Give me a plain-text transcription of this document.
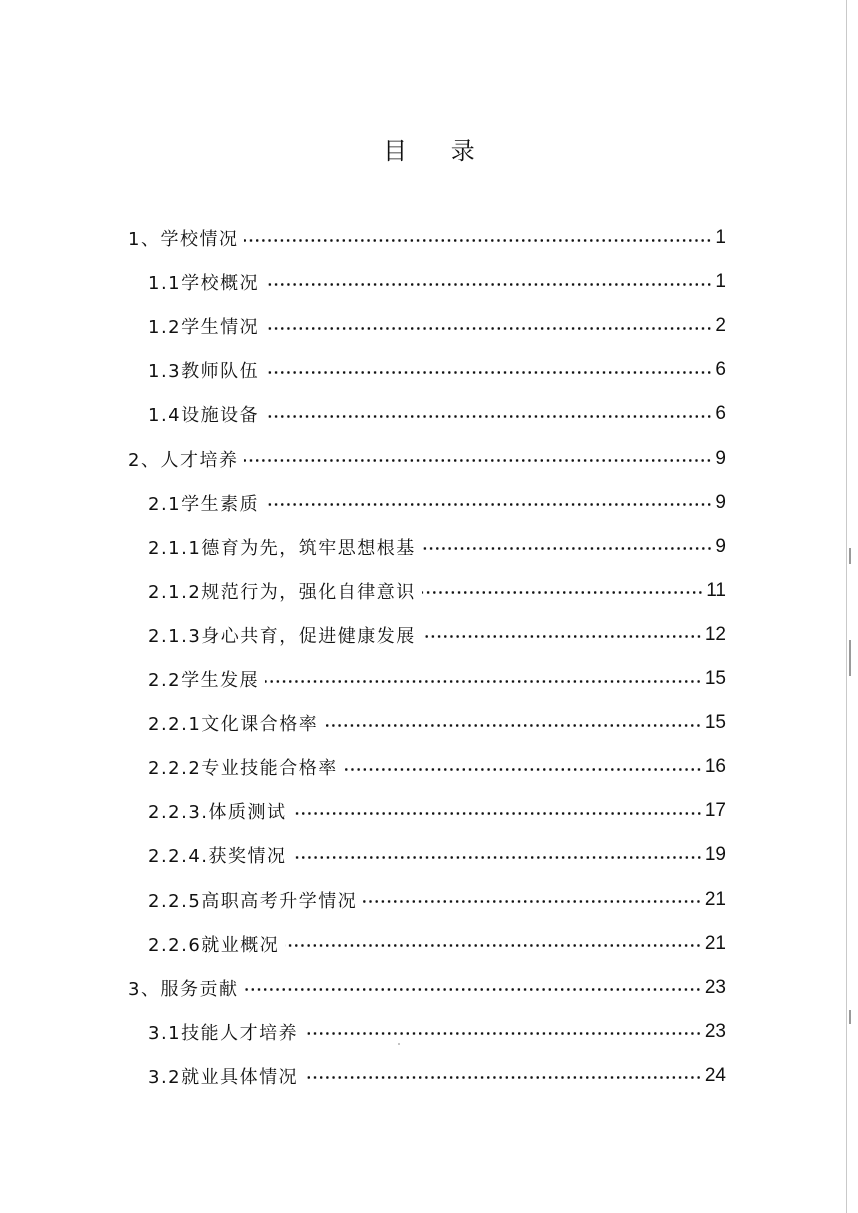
目 录
1、学校情况	1
1.1学校概况	1
1.2学生情况	2
1.3教师队伍	6
1.4设施设备	6
2、人才培养	9
2.1学生素质	9
2.1.1德育为先，筑牢思想根基	9
2.1.2规范行为，强化自律意识	11
2.1.3身心共育，促进健康发展	12
2.2学生发展	15
2.2.1文化课合格率	15
2.2.2专业技能合格率	16
2.2.3.体质测试	17
2.2.4.获奖情况	19
2.2.5高职高考升学情况	21
2.2.6就业概况	21
3、服务贡献	23
3.1技能人才培养	23
3.2就业具体情况	24
